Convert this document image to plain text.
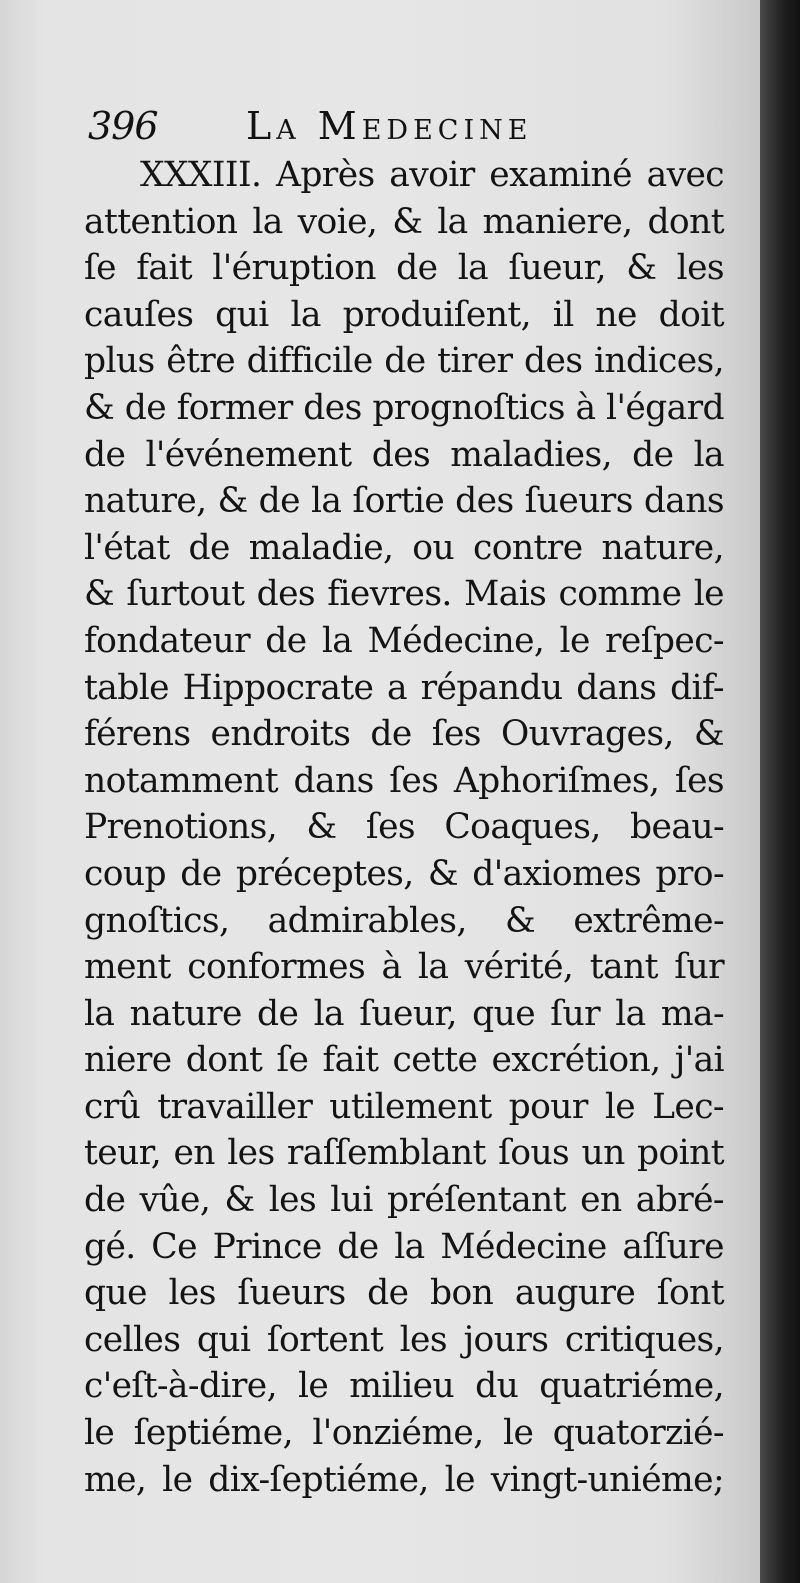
396 La Medecine
XXXIII. Après avoir examiné avec
attention la voie, & la maniere, dont
ſe fait l'éruption de la ſueur, & les
cauſes qui la produiſent, il ne doit
plus être difficile de tirer des indices,
& de former des prognoſtics à l'égard
de l'événement des maladies, de la
nature, & de la ſortie des ſueurs dans
l'état de maladie, ou contre nature,
& ſurtout des fievres. Mais comme le
fondateur de la Médecine, le reſpec-
table Hippocrate a répandu dans dif-
férens endroits de ſes Ouvrages, &
notamment dans ſes Aphoriſmes, ſes
Prenotions, & ſes Coaques, beau-
coup de préceptes, & d'axiomes pro-
gnoſtics, admirables, & extrême-
ment conformes à la vérité, tant ſur
la nature de la ſueur, que ſur la ma-
niere dont ſe fait cette excrétion, j'ai
crû travailler utilement pour le Lec-
teur, en les raſſemblant ſous un point
de vûe, & les lui préſentant en abré-
gé. Ce Prince de la Médecine aſſure
que les ſueurs de bon augure ſont
celles qui ſortent les jours critiques,
c'eſt-à-dire, le milieu du quatriéme,
le ſeptiéme, l'onziéme, le quatorzié-
me, le dix-ſeptiéme, le vingt-uniéme;
